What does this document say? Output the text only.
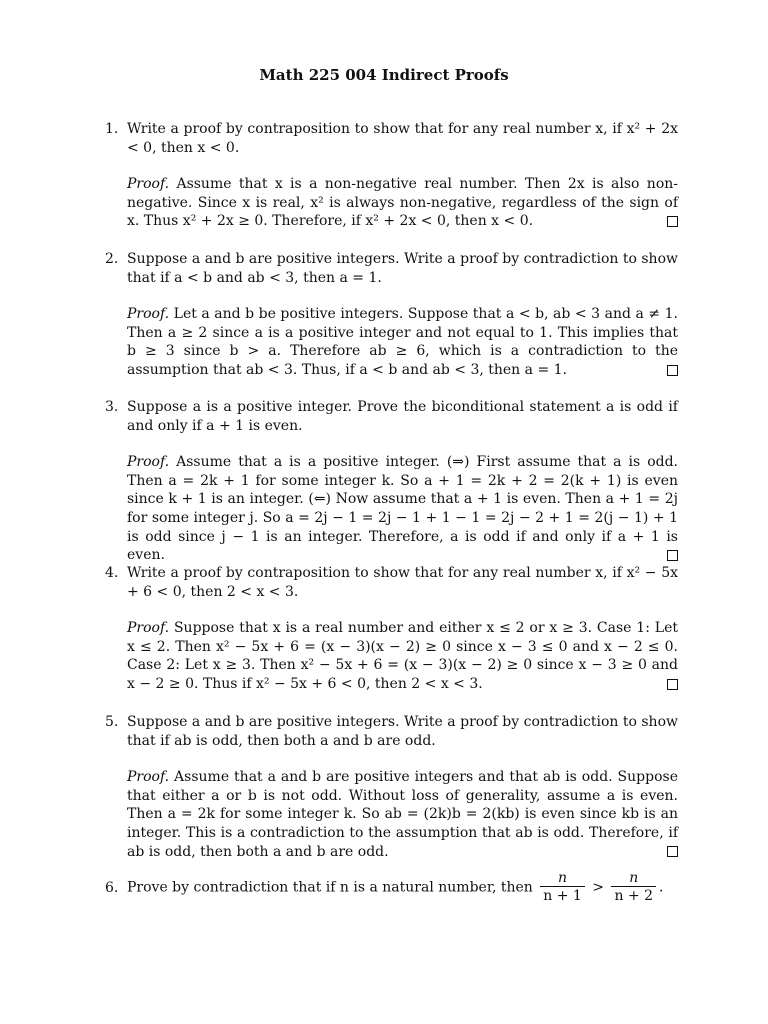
Math 225 004 Indirect Proofs
1. Write a proof by contraposition to show that for any real number x, if x² + 2x < 0, then x < 0.
Proof. Assume that x is a non-negative real number. Then 2x is also non-negative. Since x is real, x² is always non-negative, regardless of the sign of x. Thus x² + 2x ≥ 0. Therefore, if x² + 2x < 0, then x < 0.
2. Suppose a and b are positive integers. Write a proof by contradiction to show that if a < b and ab < 3, then a = 1.
Proof. Let a and b be positive integers. Suppose that a < b, ab < 3 and a ≠ 1. Then a ≥ 2 since a is a positive integer and not equal to 1. This implies that b ≥ 3 since b > a. Therefore ab ≥ 6, which is a contradiction to the assumption that ab < 3. Thus, if a < b and ab < 3, then a = 1.
3. Suppose a is a positive integer. Prove the biconditional statement a is odd if and only if a + 1 is even.
Proof. Assume that a is a positive integer. (⇒) First assume that a is odd. Then a = 2k + 1 for some integer k. So a + 1 = 2k + 2 = 2(k + 1) is even since k + 1 is an integer. (⇐) Now assume that a + 1 is even. Then a + 1 = 2j for some integer j. So a = 2j − 1 = 2j − 1 + 1 − 1 = 2j − 2 + 1 = 2(j − 1) + 1 is odd since j − 1 is an integer. Therefore, a is odd if and only if a + 1 is even.
4. Write a proof by contraposition to show that for any real number x, if x² − 5x + 6 < 0, then 2 < x < 3.
Proof. Suppose that x is a real number and either x ≤ 2 or x ≥ 3. Case 1: Let x ≤ 2. Then x² − 5x + 6 = (x − 3)(x − 2) ≥ 0 since x − 3 ≤ 0 and x − 2 ≤ 0. Case 2: Let x ≥ 3. Then x² − 5x + 6 = (x − 3)(x − 2) ≥ 0 since x − 3 ≥ 0 and x − 2 ≥ 0. Thus if x² − 5x + 6 < 0, then 2 < x < 3.
5. Suppose a and b are positive integers. Write a proof by contradiction to show that if ab is odd, then both a and b are odd.
Proof. Assume that a and b are positive integers and that ab is odd. Suppose that either a or b is not odd. Without loss of generality, assume a is even. Then a = 2k for some integer k. So ab = (2k)b = 2(kb) is even since kb is an integer. This is a contradiction to the assumption that ab is odd. Therefore, if ab is odd, then both a and b are odd.
6. Prove by contradiction that if n is a natural number, then $\frac{n}{n + 1} > \frac{n}{n + 2}$ .
